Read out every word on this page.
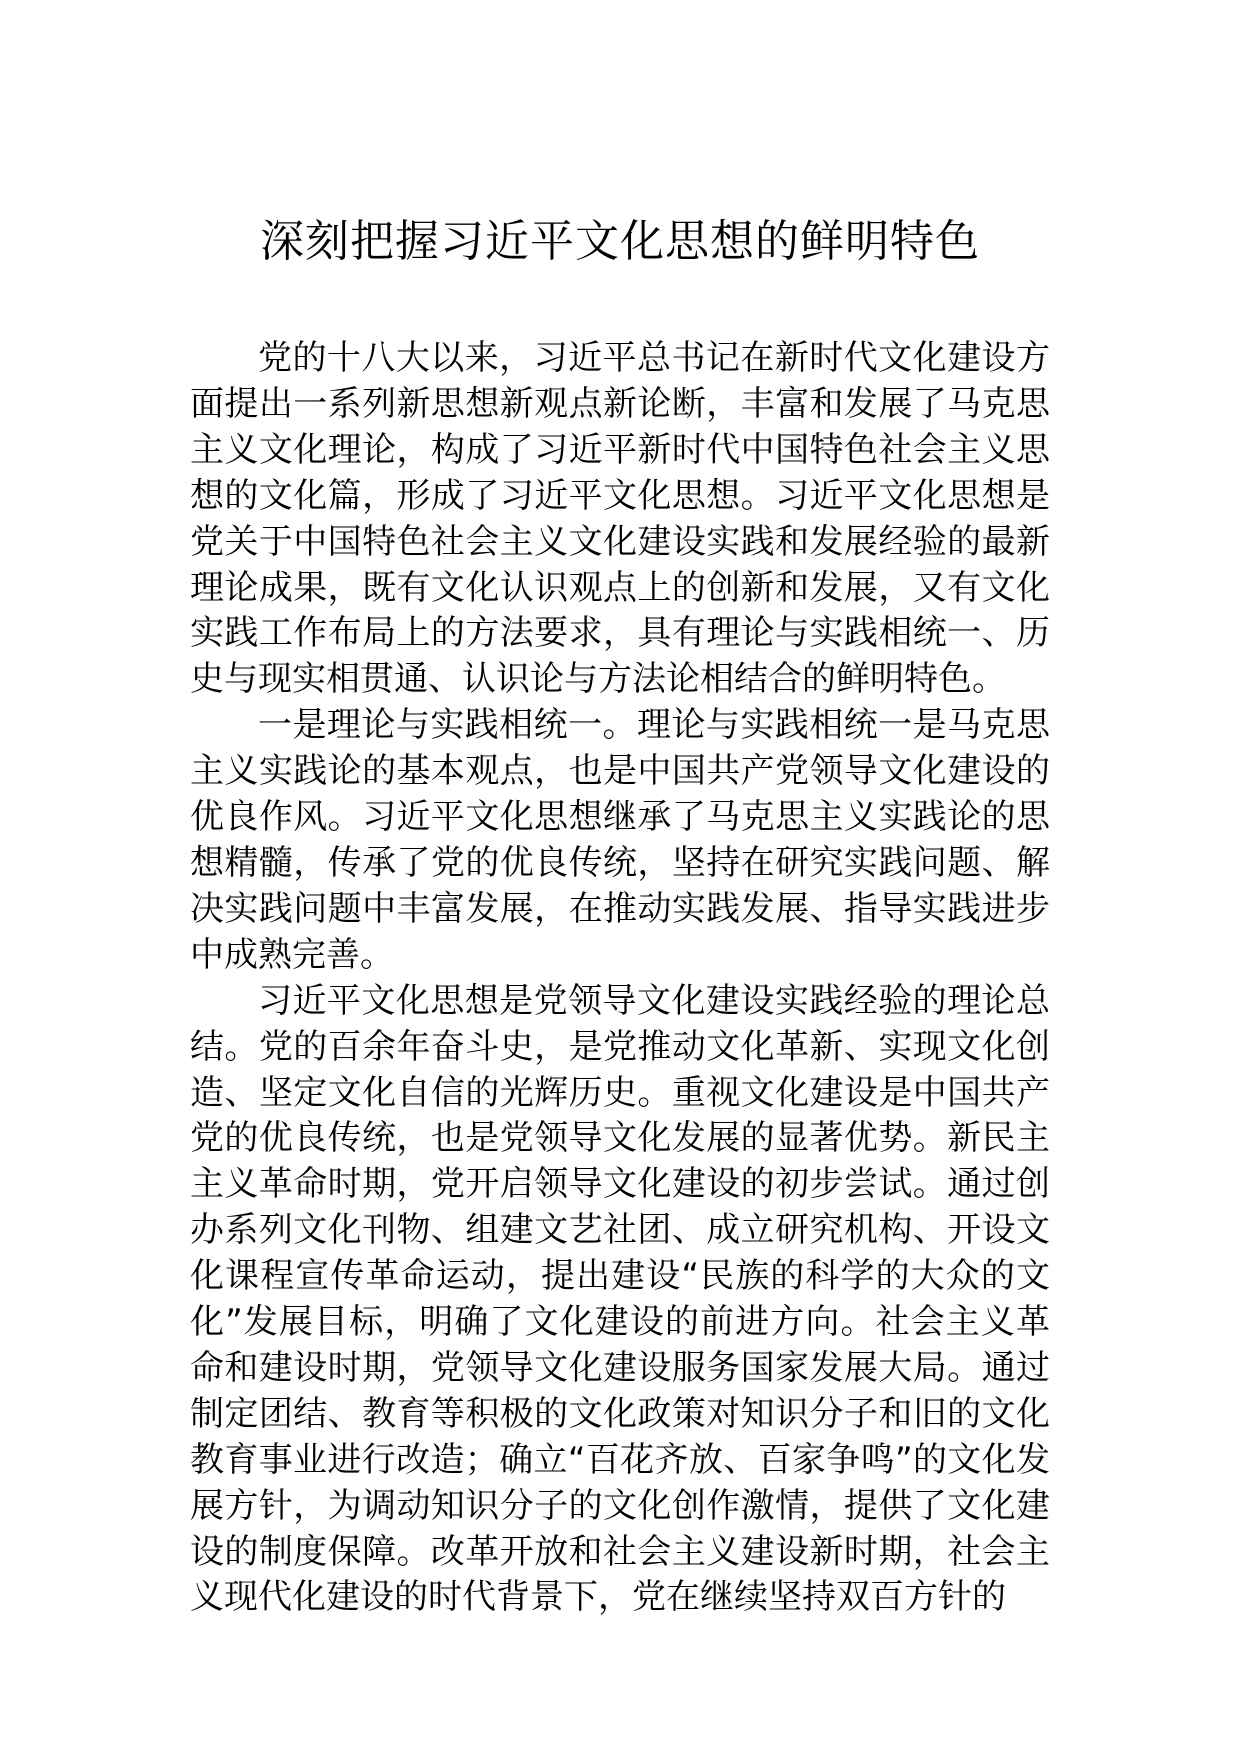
深刻把握习近平文化思想的鲜明特色

党的十八大以来，习近平总书记在新时代文化建设方面提出一系列新思想新观点新论断，丰富和发展了马克思主义文化理论，构成了习近平新时代中国特色社会主义思想的文化篇，形成了习近平文化思想。习近平文化思想是党关于中国特色社会主义文化建设实践和发展经验的最新理论成果，既有文化认识观点上的创新和发展，又有文化实践工作布局上的方法要求，具有理论与实践相统一、历史与现实相贯通、认识论与方法论相结合的鲜明特色。

一是理论与实践相统一。理论与实践相统一是马克思主义实践论的基本观点，也是中国共产党领导文化建设的优良作风。习近平文化思想继承了马克思主义实践论的思想精髓，传承了党的优良传统，坚持在研究实践问题、解决实践问题中丰富发展，在推动实践发展、指导实践进步中成熟完善。

习近平文化思想是党领导文化建设实践经验的理论总结。党的百余年奋斗史，是党推动文化革新、实现文化创造、坚定文化自信的光辉历史。重视文化建设是中国共产党的优良传统，也是党领导文化发展的显著优势。新民主主义革命时期，党开启领导文化建设的初步尝试。通过创办系列文化刊物、组建文艺社团、成立研究机构、开设文化课程宣传革命运动，提出建设“民族的科学的大众的文化”发展目标，明确了文化建设的前进方向。社会主义革命和建设时期，党领导文化建设服务国家发展大局。通过制定团结、教育等积极的文化政策对知识分子和旧的文化教育事业进行改造；确立“百花齐放、百家争鸣”的文化发展方针，为调动知识分子的文化创作激情，提供了文化建设的制度保障。改革开放和社会主义建设新时期，社会主义现代化建设的时代背景下，党在继续坚持双百方针的
